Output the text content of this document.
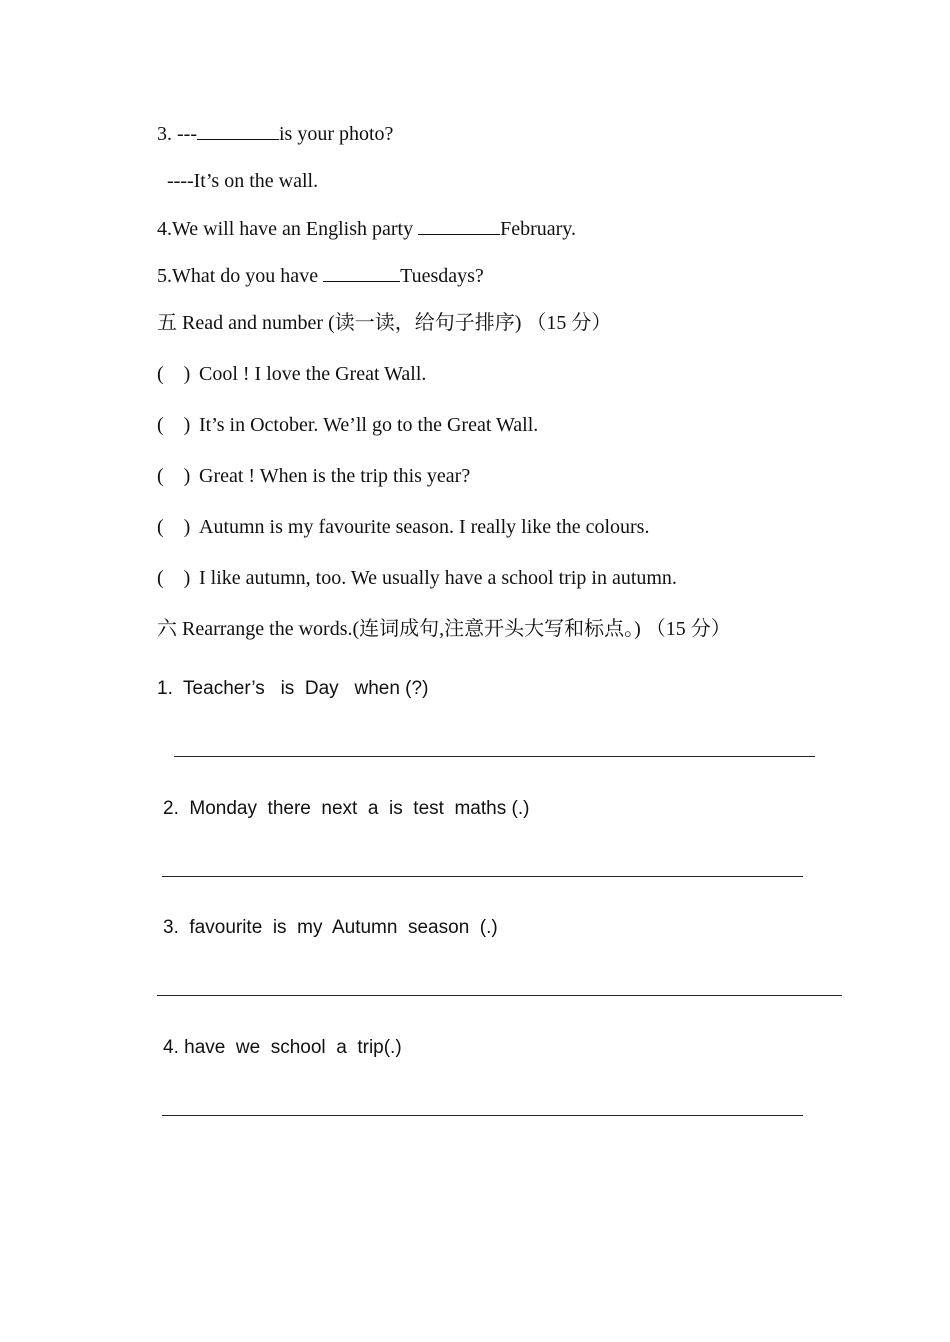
3. ---	is your photo?
----It’s on the wall.
4.We will have an English party	February.
5.What do you have	Tuesdays?
五 Read and number (读一读，给句子排序) （15 分）
( ) Cool ! I love the Great Wall.
( ) It’s in October. We’ll go to the Great Wall.
( ) Great ! When is the trip this year?
( ) Autumn is my favourite season. I really like the colours.
( ) I like autumn, too. We usually have a school trip in autumn.
六 Rearrange the words.(连词成句,注意开头大写和标点。) （15 分）
1.  Teacher’s   is  Day   when (?)
2.  Monday  there  next  a  is  test  maths (.)
3.  favourite  is  my  Autumn  season  (.)
4. have  we  school  a  trip(.)
